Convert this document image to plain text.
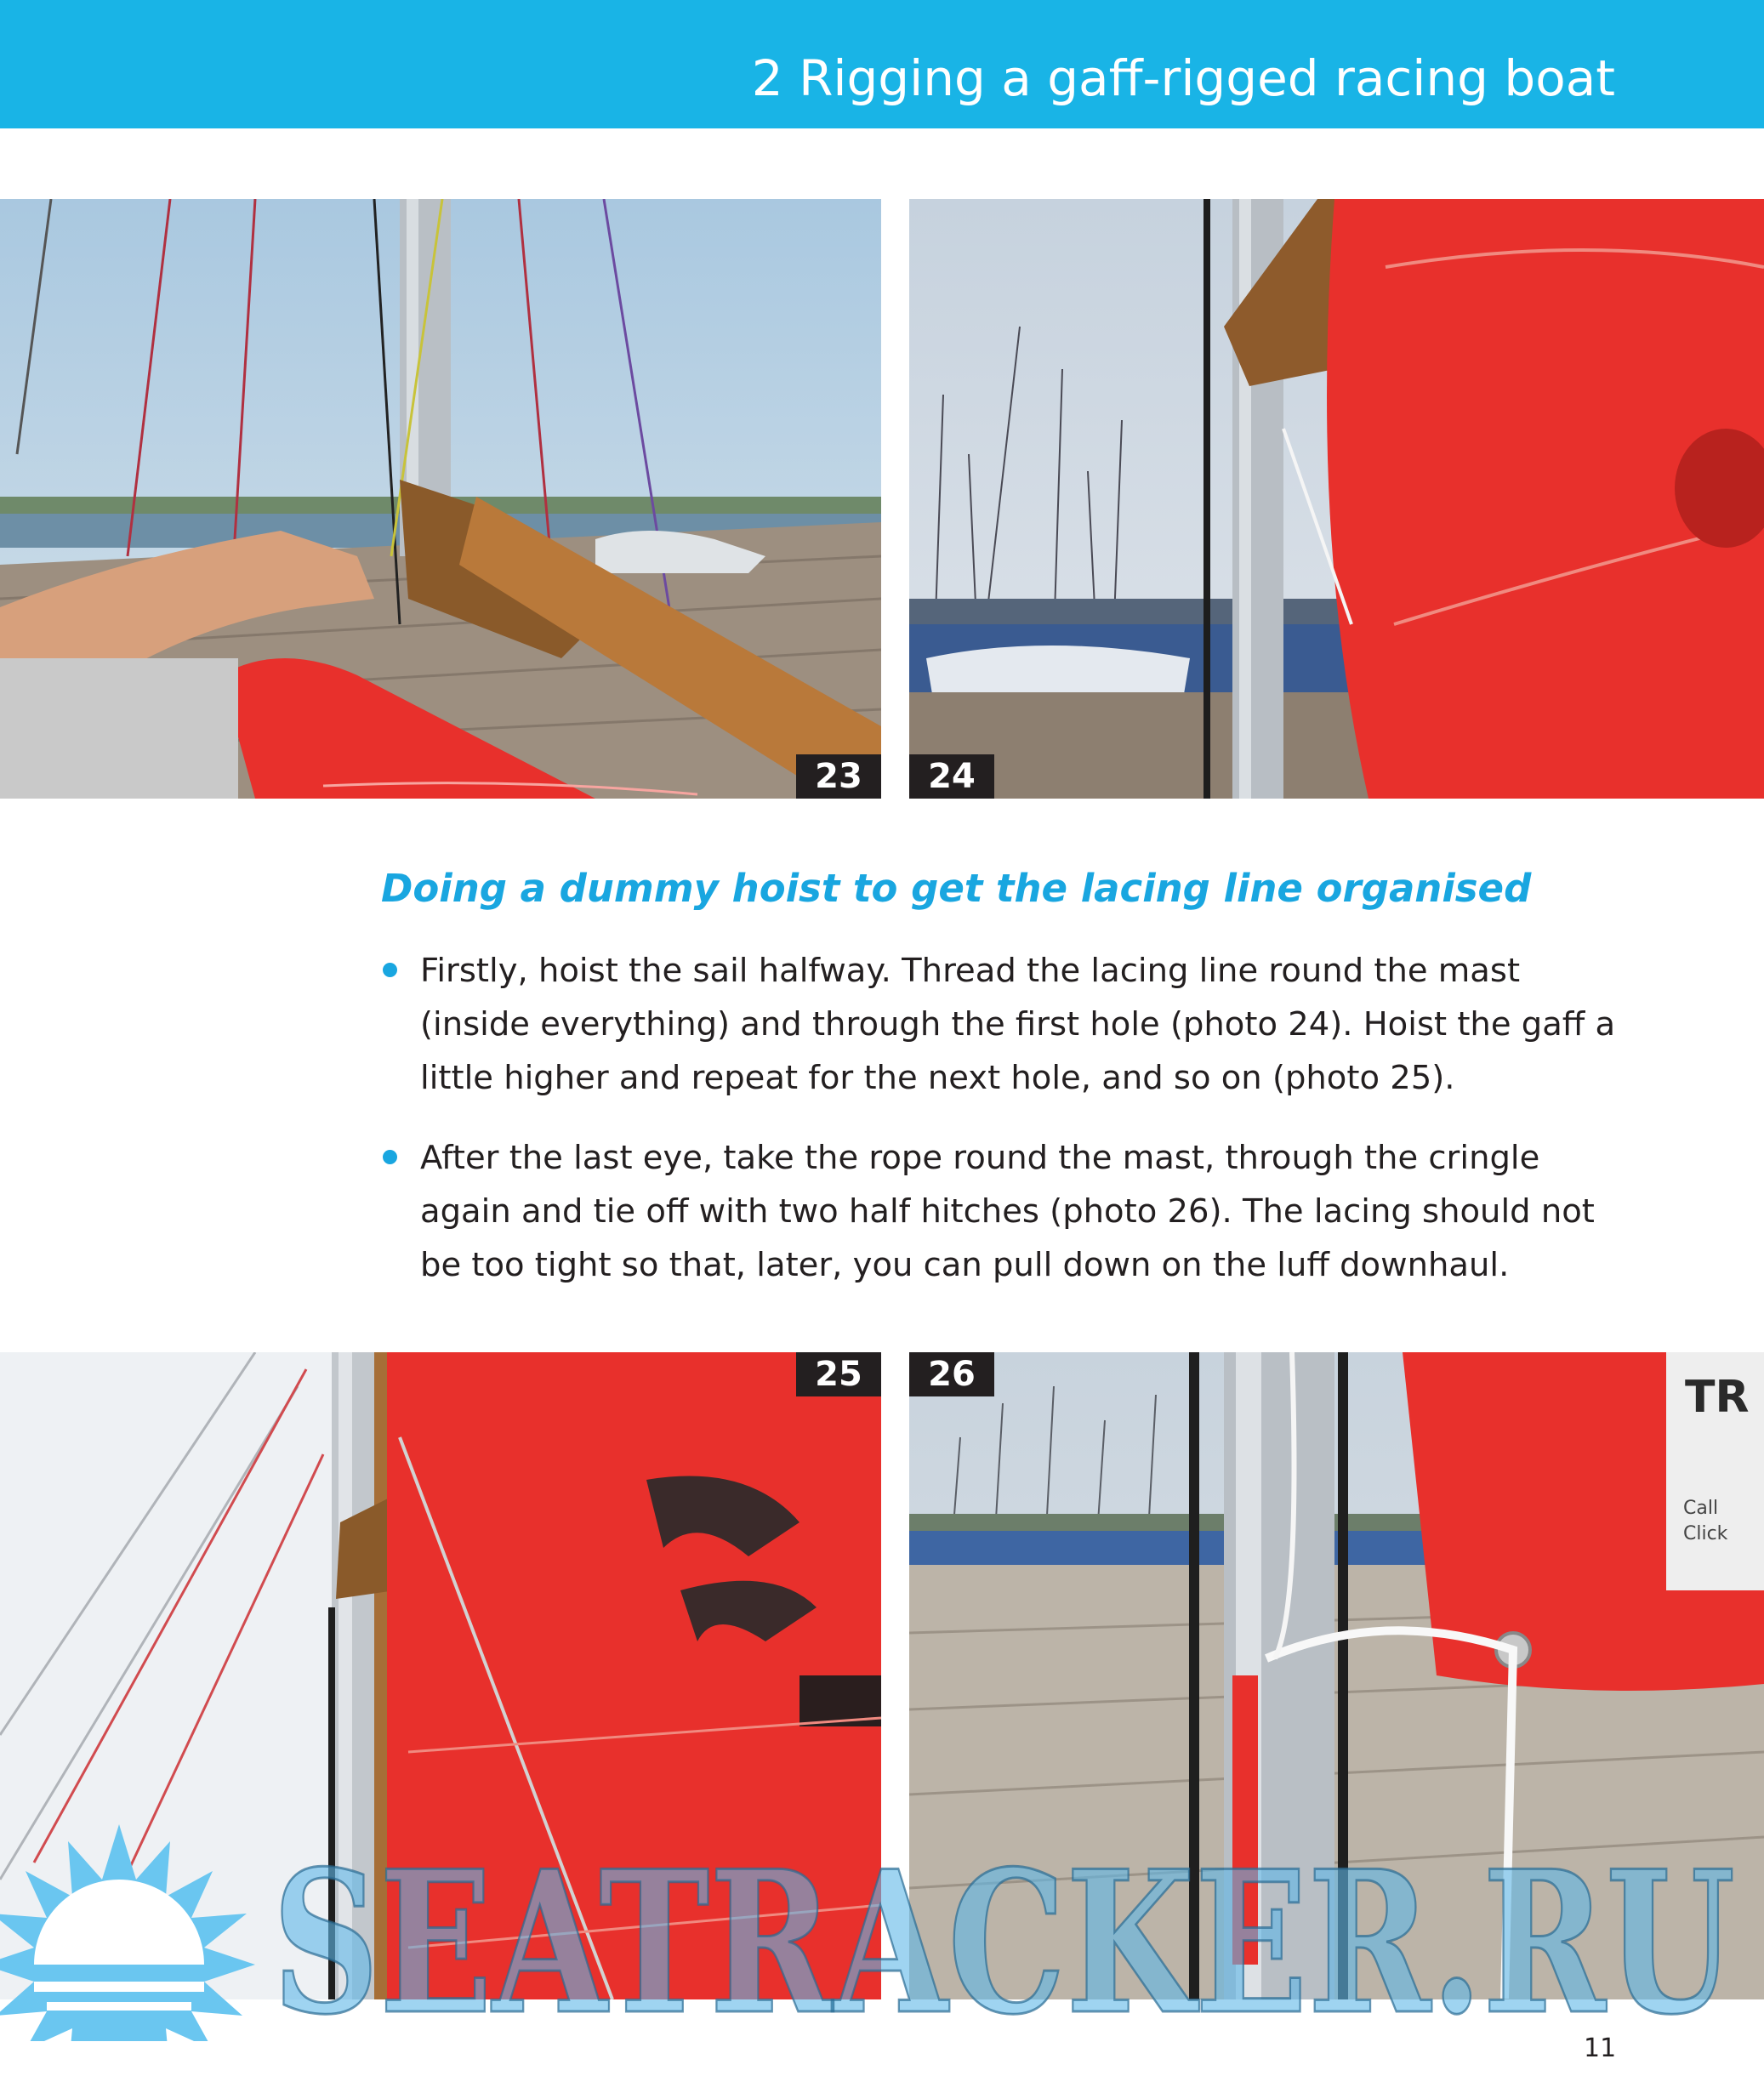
2 Rigging a gaff-rigged racing boat
23	24
Doing a dummy hoist to get the lacing line organised
Firstly, hoist the sail halfway. Thread the lacing line round the mast (inside everything) and through the first hole (photo 24). Hoist the gaff a little higher and repeat for the next hole, and so on (photo 25).
After the last eye, take the rope round the mast, through the cringle again and tie off with two half hitches (photo 26). The lacing should not be too tight so that, later, you can pull down on the luff downhaul.
25	TR
Call
Click
26
SEATRACKER.RU
11
